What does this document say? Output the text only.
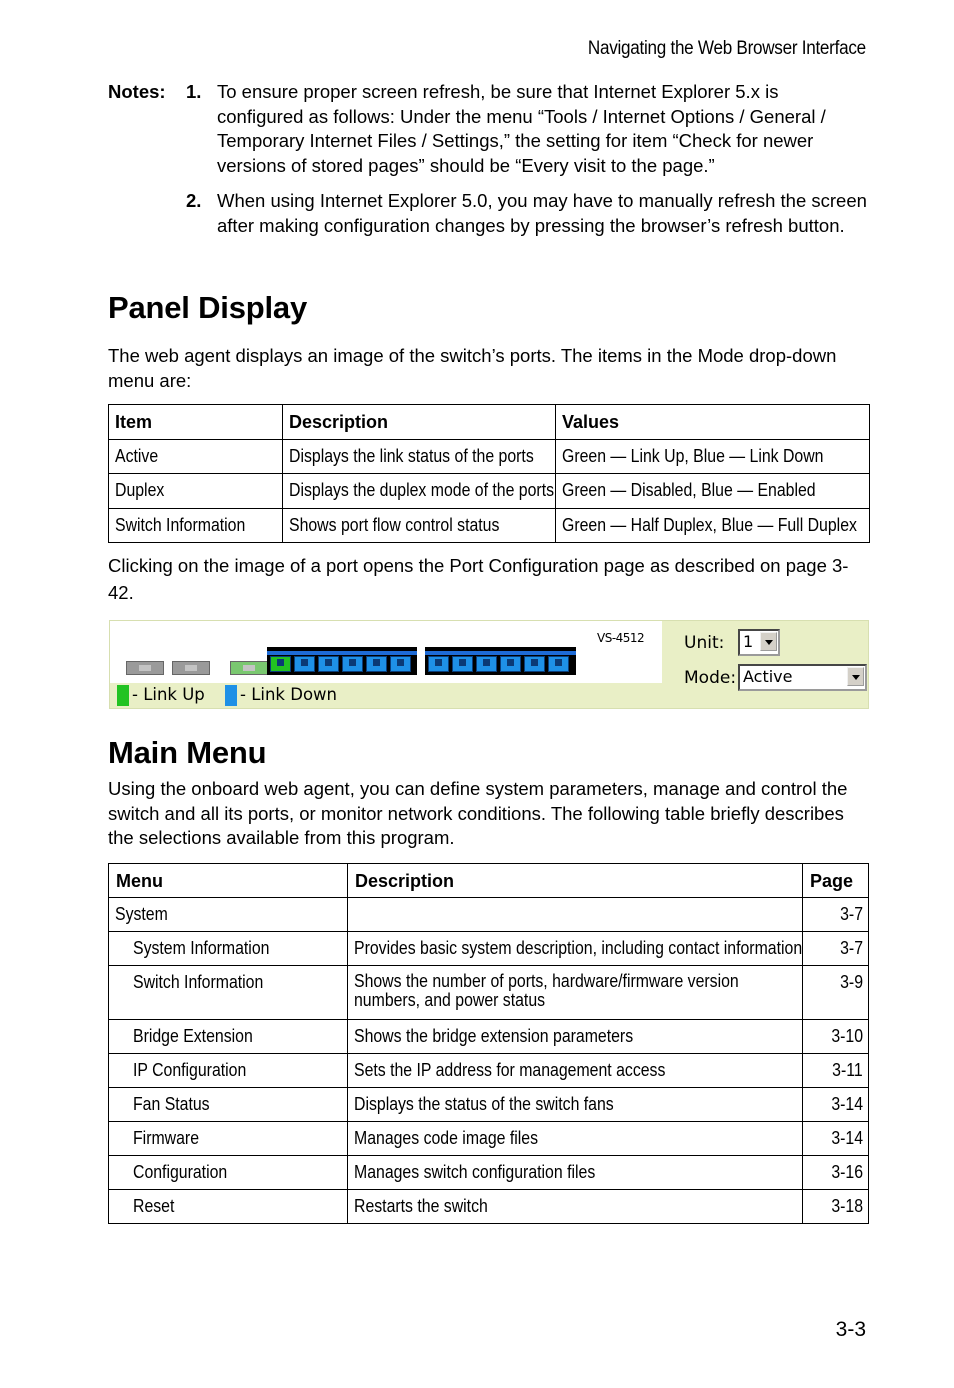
Navigating the Web Browser Interface
Notes: 1. To ensure proper screen refresh, be sure that Internet Explorer 5.x is configured as follows: Under the menu “Tools / Internet Options / General / Temporary Internet Files / Settings,” the setting for item “Check for newer versions of stored pages” should be “Every visit to the page.”
2. When using Internet Explorer 5.0, you may have to manually refresh the screen after making configuration changes by pressing the browser’s refresh button.
Panel Display

The web agent displays an image of the switch’s ports. The items in the Mode drop-down menu are:

Item	Description	Values
Active	Displays the link status of the ports	Green — Link Up, Blue — Link Down
Duplex	Displays the duplex mode of the ports	Green — Disabled, Blue — Enabled
Switch Information	Shows port flow control status	Green — Half Duplex, Blue — Full Duplex

Clicking on the image of a port opens the Port Configuration page as described on page 3-42.

VS-4512
- Link Up - Link Down
Unit:	1
Mode: Active
Main Menu

Using the onboard web agent, you can define system parameters, manage and control the switch and all its ports, or monitor network conditions. The following table briefly describes the selections available from this program.

Menu	Description	Page
System		3-7
System Information	Provides basic system description, including contact information	3-7
Switch Information	Shows the number of ports, hardware/firmware version numbers, and power status	3-9
Bridge Extension	Shows the bridge extension parameters	3-10
IP Configuration	Sets the IP address for management access	3-11
Fan Status	Displays the status of the switch fans	3-14
Firmware	Manages code image files	3-14
Configuration	Manages switch configuration files	3-16
Reset	Restarts the switch	3-18
3-3
